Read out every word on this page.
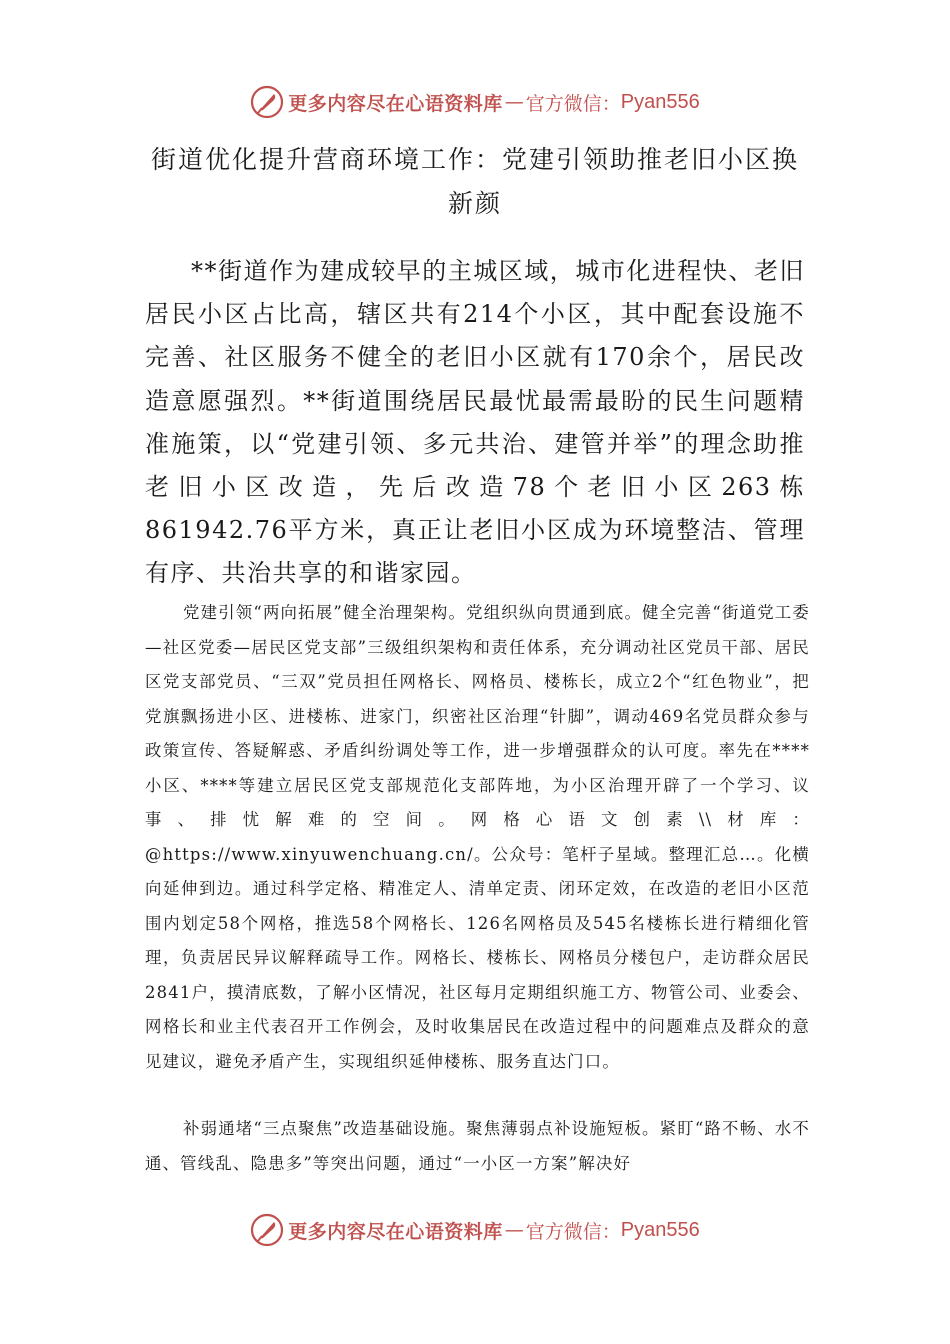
更多内容尽在心语资料库 — 官方微信： Pyan556
街道优化提升营商环境工作：党建引领助推老旧小区换新颜

**街道作为建成较早的主城区域，城市化进程快、老旧居民小区占比高，辖区共有214个小区，其中配套设施不完善、社区服务不健全的老旧小区就有170余个，居民改造意愿强烈。**街道围绕居民最忧最需最盼的民生问题精准施策，以“党建引领、多元共治、建管并举”的理念助推老旧小区改造，先后改造78个老旧小区263栋861942.76平方米，真正让老旧小区成为环境整洁、管理有序、共治共享的和谐家园。

党建引领“两向拓展”健全治理架构。党组织纵向贯通到底。健全完善“街道党工委—社区党委—居民区党支部”三级组织架构和责任体系，充分调动社区党员干部、居民区党支部党员、“三双”党员担任网格长、网格员、楼栋长，成立2个“红色物业”，把党旗飘扬进小区、进楼栋、进家门，织密社区治理“针脚”，调动469名党员群众参与政策宣传、答疑解惑、矛盾纠纷调处等工作，进一步增强群众的认可度。率先在****小区、****等建立居民区党支部规范化支部阵地，为小区治理开辟了一个学习、议事、排忧解难的空间。网格心语文创素\\材库：@https://www.xinyuwenchuang.cn/。公众号：笔杆子星域。整理汇总…。化横向延伸到边。通过科学定格、精准定人、清单定责、闭环定效，在改造的老旧小区范围内划定58个网格，推选58个网格长、126名网格员及545名楼栋长进行精细化管理，负责居民异议解释疏导工作。网格长、楼栋长、网格员分楼包户，走访群众居民2841户，摸清底数，了解小区情况，社区每月定期组织施工方、物管公司、业委会、网格长和业主代表召开工作例会，及时收集居民在改造过程中的问题难点及群众的意见建议，避免矛盾产生，实现组织延伸楼栋、服务直达门口。

补弱通堵“三点聚焦”改造基础设施。聚焦薄弱点补设施短板。紧盯“路不畅、水不通、管线乱、隐患多”等突出问题，通过“一小区一方案”解决好

更多内容尽在心语资料库 — 官方微信： Pyan556
